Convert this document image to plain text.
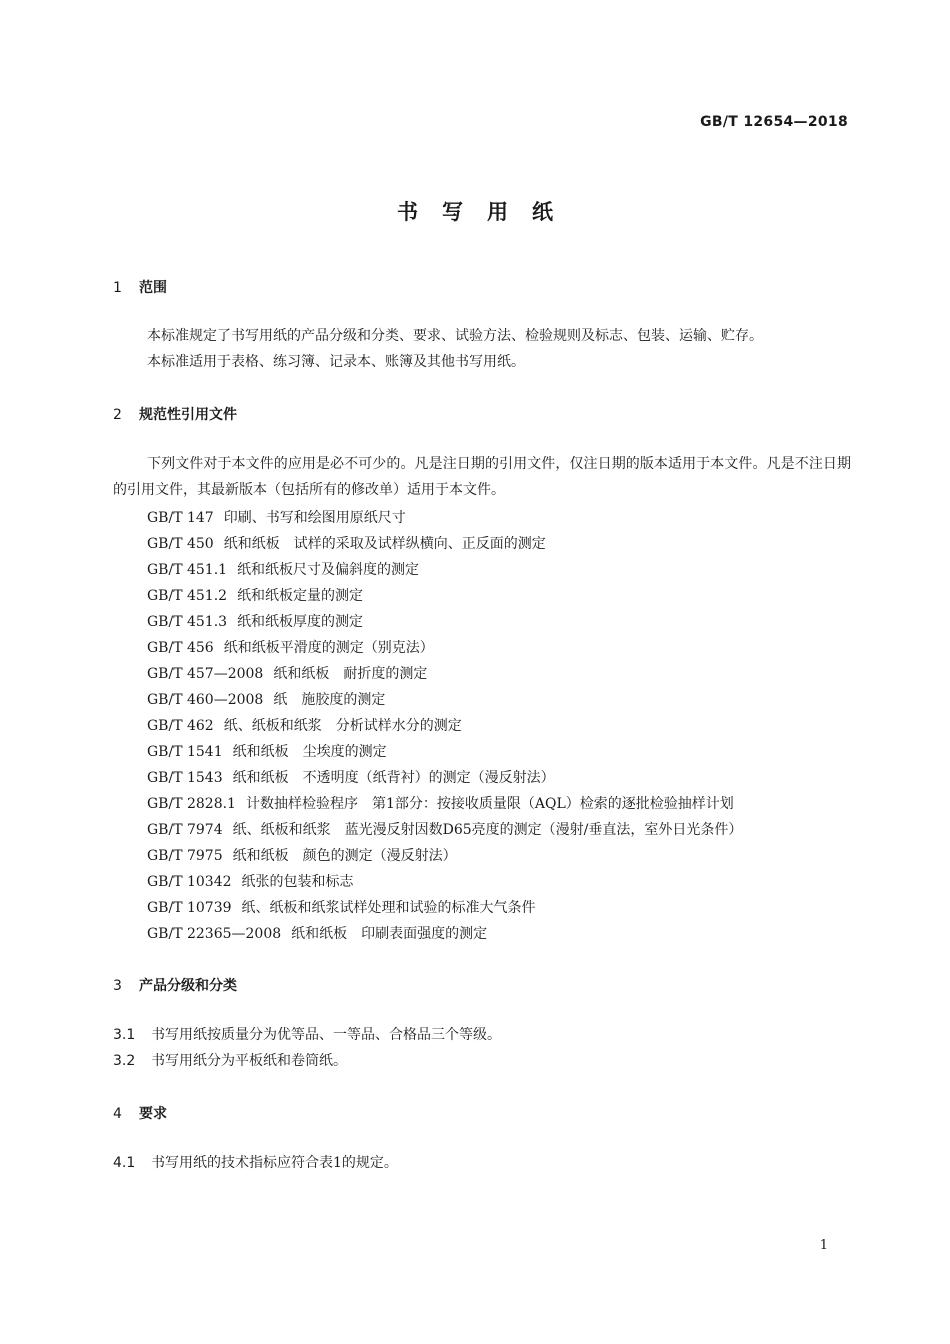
GB/T 12654—2018
书写用纸
1 范围
本标准规定了书写用纸的产品分级和分类、要求、试验方法、检验规则及标志、包装、运输、贮存。
本标准适用于表格、练习簿、记录本、账簿及其他书写用纸。
2 规范性引用文件
下列文件对于本文件的应用是必不可少的。凡是注日期的引用文件，仅注日期的版本适用于本文件。凡是不注日期的引用文件，其最新版本（包括所有的修改单）适用于本文件。
GB/T 147 印刷、书写和绘图用原纸尺寸
GB/T 450 纸和纸板　试样的采取及试样纵横向、正反面的测定
GB/T 451.1 纸和纸板尺寸及偏斜度的测定
GB/T 451.2 纸和纸板定量的测定
GB/T 451.3 纸和纸板厚度的测定
GB/T 456 纸和纸板平滑度的测定（别克法）
GB/T 457—2008 纸和纸板　耐折度的测定
GB/T 460—2008 纸　施胶度的测定
GB/T 462 纸、纸板和纸浆　分析试样水分的测定
GB/T 1541 纸和纸板　尘埃度的测定
GB/T 1543 纸和纸板　不透明度（纸背衬）的测定（漫反射法）
GB/T 2828.1 计数抽样检验程序　第1部分：按接收质量限（AQL）检索的逐批检验抽样计划
GB/T 7974 纸、纸板和纸浆　蓝光漫反射因数D65亮度的测定（漫射/垂直法，室外日光条件）
GB/T 7975 纸和纸板　颜色的测定（漫反射法）
GB/T 10342 纸张的包装和标志
GB/T 10739 纸、纸板和纸浆试样处理和试验的标准大气条件
GB/T 22365—2008 纸和纸板　印刷表面强度的测定
3 产品分级和分类
3.1 书写用纸按质量分为优等品、一等品、合格品三个等级。
3.2 书写用纸分为平板纸和卷筒纸。
4 要求
4.1 书写用纸的技术指标应符合表1的规定。
1
